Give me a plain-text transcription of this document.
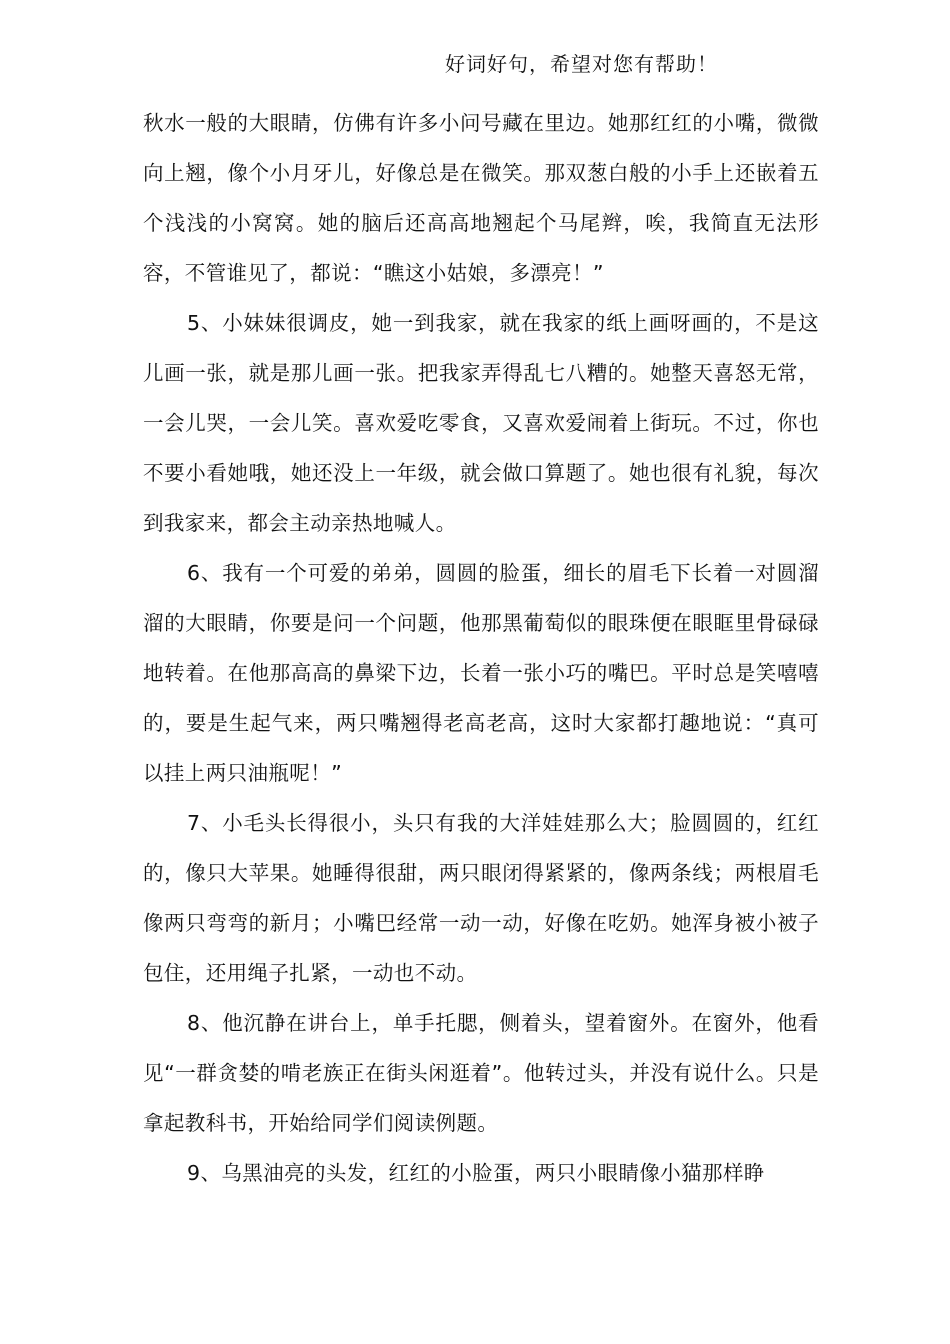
好词好句，希望对您有帮助！

秋水一般的大眼睛，仿佛有许多小问号藏在里边。她那红红的小嘴，微微向上翘，像个小月牙儿，好像总是在微笑。那双葱白般的小手上还嵌着五个浅浅的小窝窝。她的脑后还高高地翘起个马尾辫，唉，我简直无法形容，不管谁见了，都说：“瞧这小姑娘，多漂亮！”

5、小妹妹很调皮，她一到我家，就在我家的纸上画呀画的，不是这儿画一张，就是那儿画一张。把我家弄得乱七八糟的。她整天喜怒无常，一会儿哭，一会儿笑。喜欢爱吃零食，又喜欢爱闹着上街玩。不过，你也不要小看她哦，她还没上一年级，就会做口算题了。她也很有礼貌，每次到我家来，都会主动亲热地喊人。

6、我有一个可爱的弟弟，圆圆的脸蛋，细长的眉毛下长着一对圆溜溜的大眼睛，你要是问一个问题，他那黑葡萄似的眼珠便在眼眶里骨碌碌地转着。在他那高高的鼻梁下边，长着一张小巧的嘴巴。平时总是笑嘻嘻的，要是生起气来，两只嘴翘得老高老高，这时大家都打趣地说：“真可以挂上两只油瓶呢！”

7、小毛头长得很小，头只有我的大洋娃娃那么大；脸圆圆的，红红的，像只大苹果。她睡得很甜，两只眼闭得紧紧的，像两条线；两根眉毛像两只弯弯的新月；小嘴巴经常一动一动，好像在吃奶。她浑身被小被子包住，还用绳子扎紧，一动也不动。

8、他沉静在讲台上，单手托腮，侧着头，望着窗外。在窗外，他看见“一群贪婪的啃老族正在街头闲逛着”。他转过头，并没有说什么。只是拿起教科书，开始给同学们阅读例题。

9、乌黑油亮的头发，红红的小脸蛋，两只小眼睛像小猫那样睁
